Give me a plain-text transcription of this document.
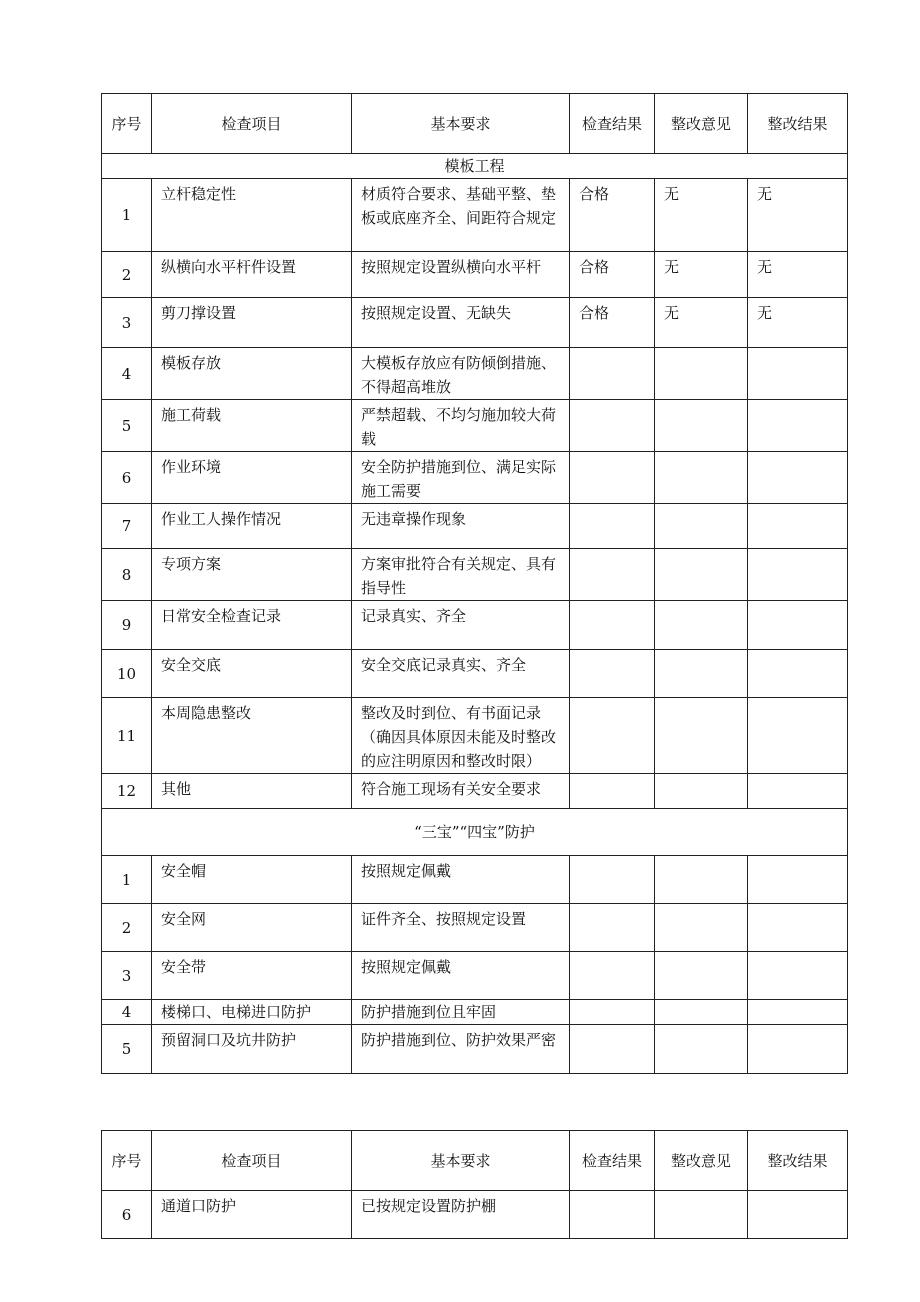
序号	检查项目	基本要求	检查结果	整改意见	整改结果
模板工程					
1	立杆稳定性	材质符合要求、基础平整、垫板或底座齐全、间距符合规定	合格	无	无
2	纵横向水平杆件设置	按照规定设置纵横向水平杆	合格	无	无
3	剪刀撑设置	按照规定设置、无缺失	合格	无	无
4	模板存放	大模板存放应有防倾倒措施、不得超高堆放			
5	施工荷载	严禁超载、不均匀施加较大荷载			
6	作业环境	安全防护措施到位、满足实际施工需要			
7	作业工人操作情况	无违章操作现象			
8	专项方案	方案审批符合有关规定、具有指导性			
9	日常安全检查记录	记录真实、齐全			
10	安全交底	安全交底记录真实、齐全			
11	本周隐患整改	整改及时到位、有书面记录（确因具体原因未能及时整改的应注明原因和整改时限）			
12	其他	符合施工现场有关安全要求			
“三宝”“四宝”防护					
1	安全帽	按照规定佩戴			
2	安全网	证件齐全、按照规定设置			
3	安全带	按照规定佩戴			
4	楼梯口、电梯进口防护	防护措施到位且牢固			
5	预留洞口及坑井防护	防护措施到位、防护效果严密			
序号	检查项目	基本要求	检查结果	整改意见	整改结果
6	通道口防护	已按规定设置防护棚			
